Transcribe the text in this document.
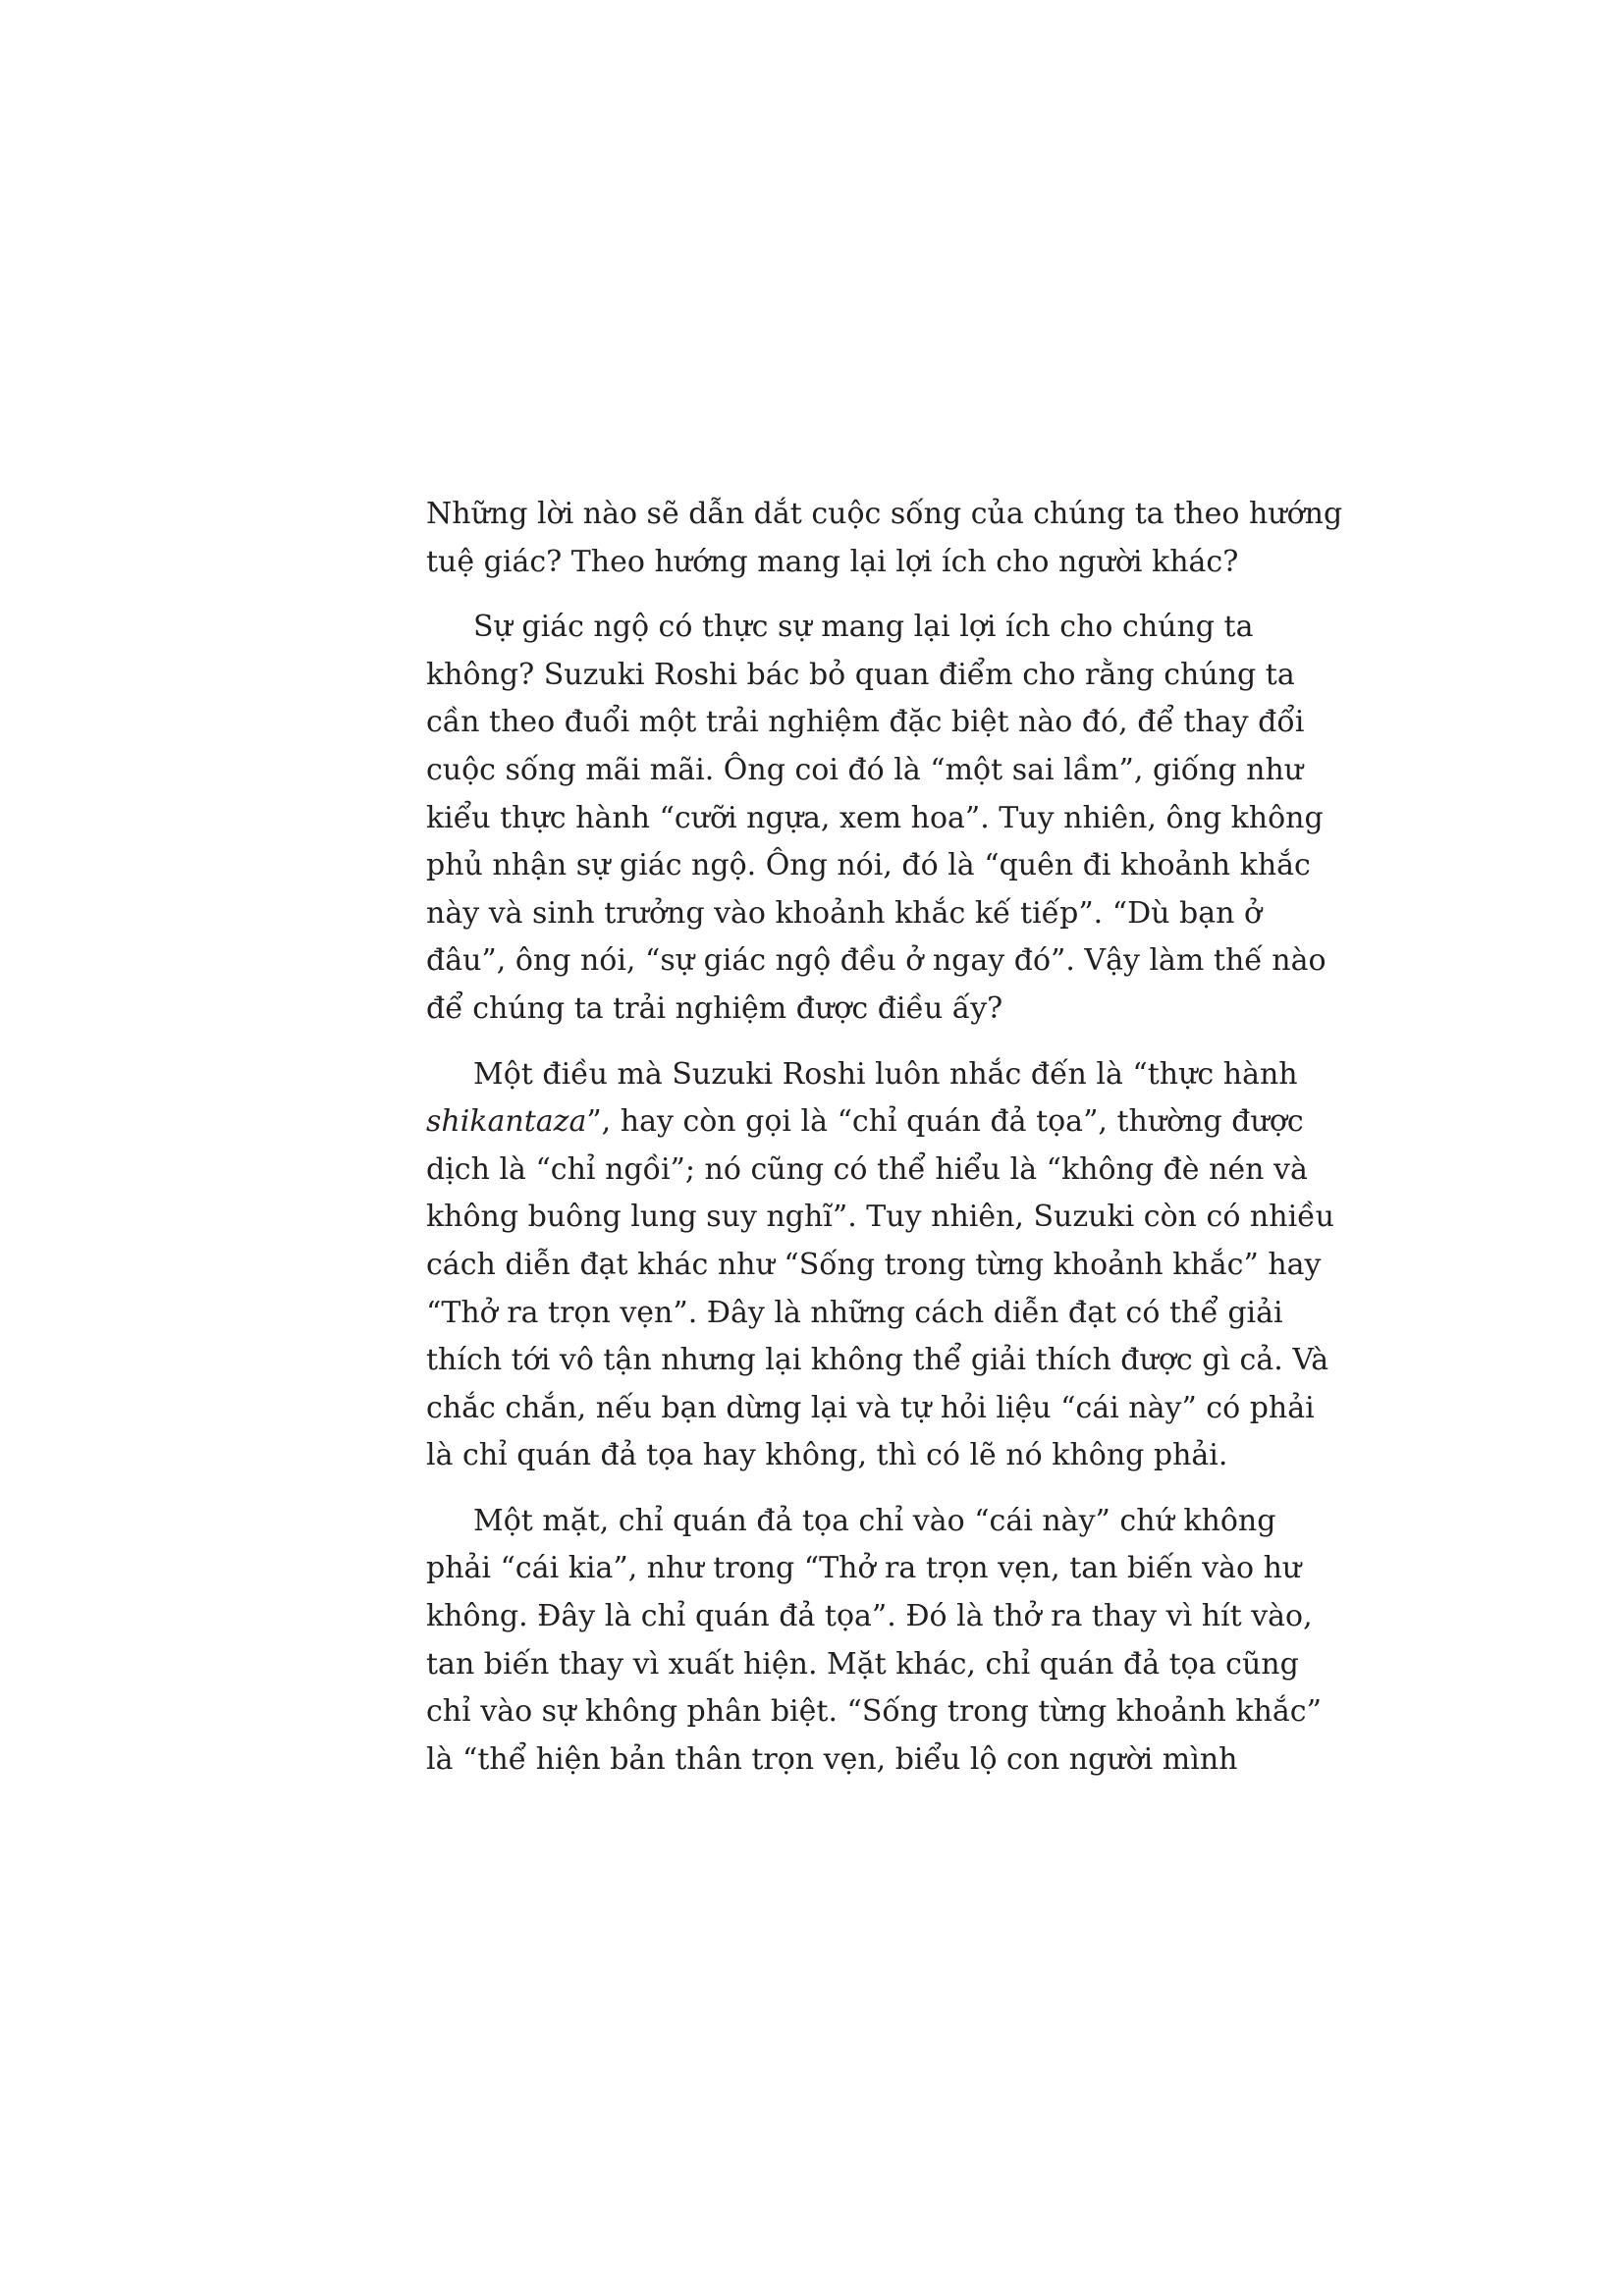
Những lời nào sẽ dẫn dắt cuộc sống của chúng ta theo hướng
tuệ giác? Theo hướng mang lại lợi ích cho người khác?
Sự giác ngộ có thực sự mang lại lợi ích cho chúng ta
không? Suzuki Roshi bác bỏ quan điểm cho rằng chúng ta
cần theo đuổi một trải nghiệm đặc biệt nào đó, để thay đổi
cuộc sống mãi mãi. Ông coi đó là “một sai lầm”, giống như
kiểu thực hành “cưỡi ngựa, xem hoa”. Tuy nhiên, ông không
phủ nhận sự giác ngộ. Ông nói, đó là “quên đi khoảnh khắc
này và sinh trưởng vào khoảnh khắc kế tiếp”. “Dù bạn ở
đâu”, ông nói, “sự giác ngộ đều ở ngay đó”. Vậy làm thế nào
để chúng ta trải nghiệm được điều ấy?
Một điều mà Suzuki Roshi luôn nhắc đến là “thực hành
shikantaza”, hay còn gọi là “chỉ quán đả tọa”, thường được
dịch là “chỉ ngồi”; nó cũng có thể hiểu là “không đè nén và
không buông lung suy nghĩ”. Tuy nhiên, Suzuki còn có nhiều
cách diễn đạt khác như “Sống trong từng khoảnh khắc” hay
“Thở ra trọn vẹn”. Đây là những cách diễn đạt có thể giải
thích tới vô tận nhưng lại không thể giải thích được gì cả. Và
chắc chắn, nếu bạn dừng lại và tự hỏi liệu “cái này” có phải
là chỉ quán đả tọa hay không, thì có lẽ nó không phải.
Một mặt, chỉ quán đả tọa chỉ vào “cái này” chứ không
phải “cái kia”, như trong “Thở ra trọn vẹn, tan biến vào hư
không. Đây là chỉ quán đả tọa”. Đó là thở ra thay vì hít vào,
tan biến thay vì xuất hiện. Mặt khác, chỉ quán đả tọa cũng
chỉ vào sự không phân biệt. “Sống trong từng khoảnh khắc”
là “thể hiện bản thân trọn vẹn, biểu lộ con người mình
